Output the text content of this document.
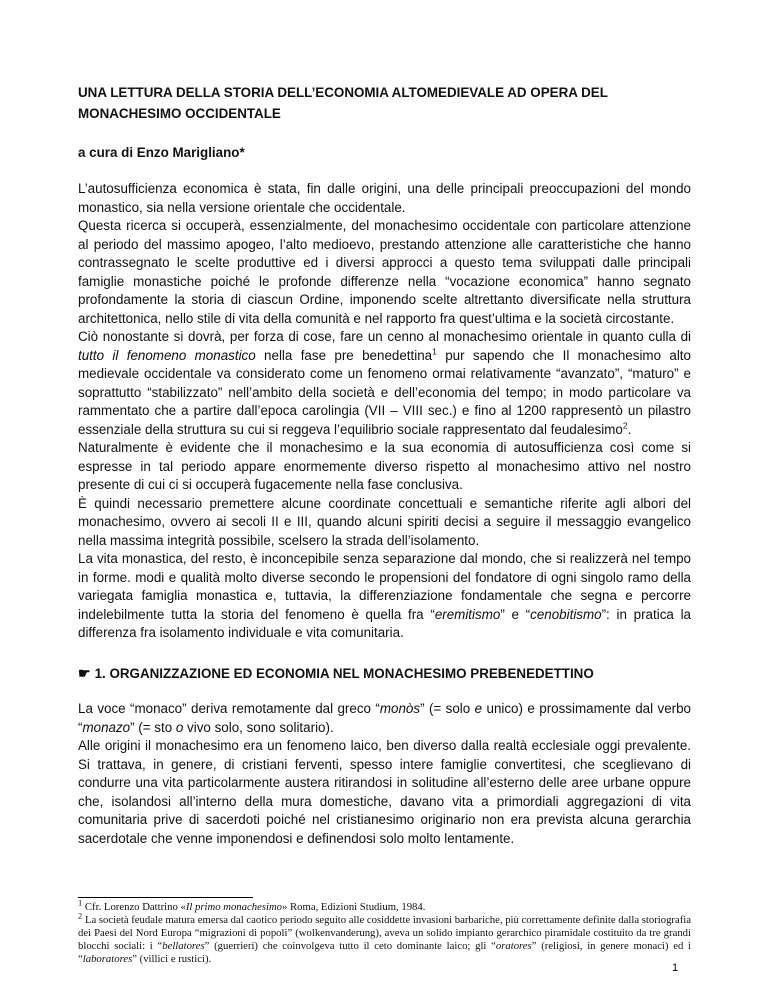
UNA LETTURA DELLA STORIA DELL’ECONOMIA ALTOMEDIEVALE AD OPERA DEL MONACHESIMO OCCIDENTALE

a cura di Enzo Marigliano*

L’autosufficienza economica è stata, fin dalle origini, una delle principali preoccupazioni del mondo monastico, sia nella versione orientale che occidentale.

Questa ricerca si occuperà, essenzialmente, del monachesimo occidentale con particolare attenzione al periodo del massimo apogeo, l’alto medioevo, prestando attenzione alle caratteristiche che hanno contrassegnato le scelte produttive ed i diversi approcci a questo tema sviluppati dalle principali famiglie monastiche poiché le profonde differenze nella “vocazione economica” hanno segnato profondamente la storia di ciascun Ordine, imponendo scelte altrettanto diversificate nella struttura architettonica, nello stile di vita della comunità e nel rapporto fra quest’ultima e la società circostante.

Ciò nonostante si dovrà, per forza di cose, fare un cenno al monachesimo orientale in quanto culla di tutto il fenomeno monastico nella fase pre benedettina$^1$ pur sapendo che Il monachesimo alto medievale occidentale va considerato come un fenomeno ormai relativamente “avanzato”, “maturo” e soprattutto “stabilizzato” nell’ambito della società e dell’economia del tempo; in modo particolare va rammentato che a partire dall’epoca carolingia (VII – VIII sec.) e fino al 1200 rappresentò un pilastro essenziale della struttura su cui si reggeva l’equilibrio sociale rappresentato dal feudalesimo$^2$.

Naturalmente è evidente che il monachesimo e la sua economia di autosufficienza così come si espresse in tal periodo appare enormemente diverso rispetto al monachesimo attivo nel nostro presente di cui ci si occuperà fugacemente nella fase conclusiva.

È quindi necessario premettere alcune coordinate concettuali e semantiche riferite agli albori del monachesimo, ovvero ai secoli II e III, quando alcuni spiriti decisi a seguire il messaggio evangelico nella massima integrità possibile, scelsero la strada dell’isolamento.

La vita monastica, del resto, è inconcepibile senza separazione dal mondo, che si realizzerà nel tempo in forme. modi e qualità molto diverse secondo le propensioni del fondatore di ogni singolo ramo della variegata famiglia monastica e, tuttavia, la differenziazione fondamentale che segna e percorre indelebilmente tutta la storia del fenomeno è quella fra “eremitismo” e “cenobitismo”: in pratica la differenza fra isolamento individuale e vita comunitaria.

☛ 1. ORGANIZZAZIONE ED ECONOMIA NEL MONACHESIMO PREBENEDETTINO

La voce “monaco” deriva remotamente dal greco “monòs” (= solo e unico) e prossimamente dal verbo “monazo” (= sto o vivo solo, sono solitario).

Alle origini il monachesimo era un fenomeno laico, ben diverso dalla realtà ecclesiale oggi prevalente. Si trattava, in genere, di cristiani ferventi, spesso intere famiglie convertitesi, che sceglievano di condurre una vita particolarmente austera ritirandosi in solitudine all’esterno delle aree urbane oppure che, isolandosi all’interno della mura domestiche, davano vita a primordiali aggregazioni di vita comunitaria prive di sacerdoti poiché nel cristianesimo originario non era prevista alcuna gerarchia sacerdotale che venne imponendosi e definendosi solo molto lentamente.

$^1$ Cfr. Lorenzo Dattrino «Il primo monachesimo» Roma, Edizioni Studium, 1984.

$^2$ La società feudale matura emersa dal caotico periodo seguito alle cosiddette invasioni barbariche, più correttamente definite dalla storiografia dei Paesi del Nord Europa “migrazioni di popoli” (wolkenvanderung), aveva un solido impianto gerarchico piramidale costituito da tre grandi blocchi sociali: i “bellatores” (guerrieri) che coinvolgeva tutto il ceto dominante laico; gli “oratores” (religiosi, in genere monaci) ed i “laboratores” (villici e rustici).

1
